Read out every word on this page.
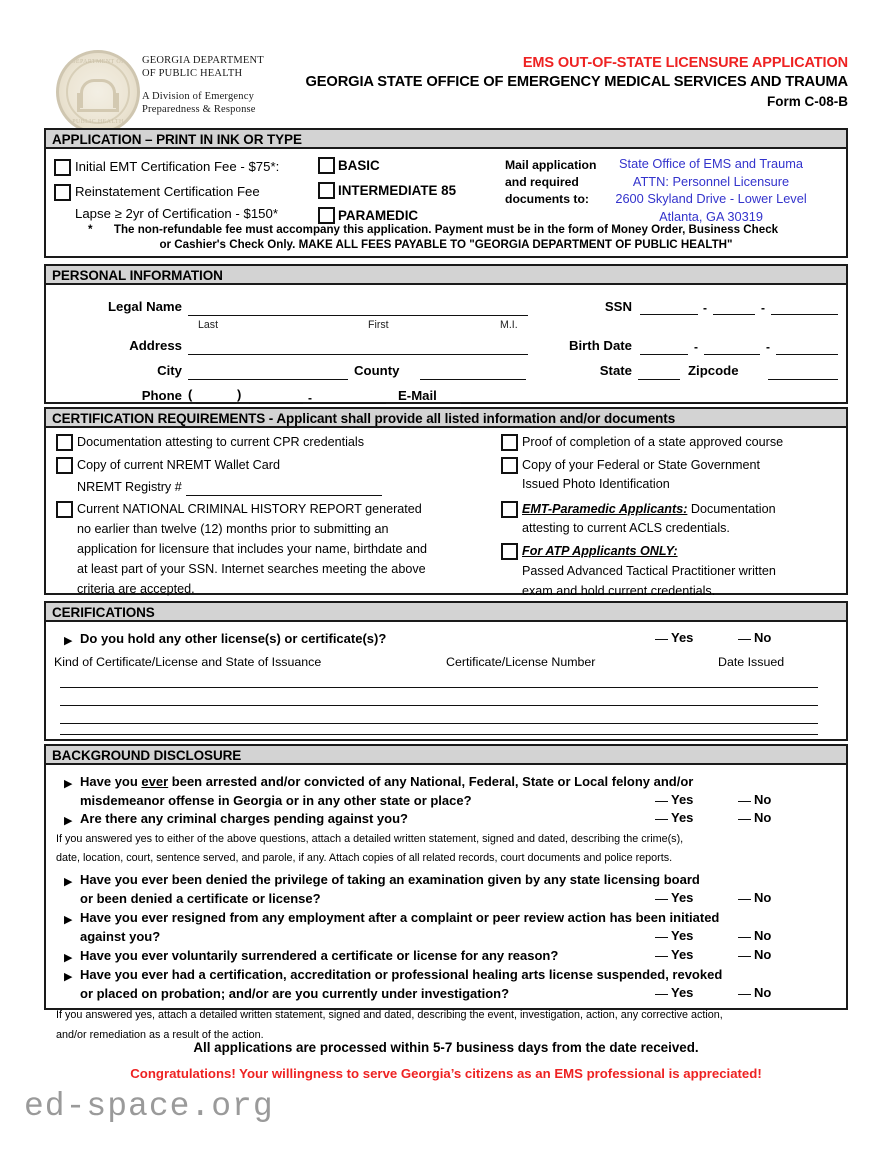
DEPARTMENT OF
PUBLIC HEALTH
GEORGIA DEPARTMENT
OF PUBLIC HEALTH
A Division of Emergency
Preparedness & Response
EMS OUT-OF-STATE LICENSURE APPLICATION
GEORGIA STATE OFFICE OF EMERGENCY MEDICAL SERVICES AND TRAUMA
Form C-08-B
APPLICATION – PRINT IN INK OR TYPE
Initial EMT Certification Fee - $75*:
Reinstatement Certification Fee
Lapse ≥ 2yr of Certification - $150*
BASIC
INTERMEDIATE 85
PARAMEDIC
Mail application
and required
documents to:
State Office of EMS and Trauma
ATTN: Personnel Licensure
2600 Skyland Drive - Lower Level
Atlanta, GA 30319
* The non-refundable fee must accompany this application. Payment must be in the form of Money Order, Business Check
or Cashier's Check Only. MAKE ALL FEES PAYABLE TO "GEORGIA DEPARTMENT OF PUBLIC HEALTH"
PERSONAL INFORMATION
Legal Name
Last	First	M.I.
Address
City	County
Phone (	)	-	E-Mail
SSN	-	-
Birth Date	-	-
State	Zipcode
CERTIFICATION REQUIREMENTS - Applicant shall provide all listed information and/or documents
Documentation attesting to current CPR credentials
Copy of current NREMT Wallet Card
NREMT Registry #
Current NATIONAL CRIMINAL HISTORY REPORT generated
no earlier than twelve (12) months prior to submitting an
application for licensure that includes your name, birthdate and
at least part of your SSN. Internet searches meeting the above
criteria are accepted.
Proof of completion of a state approved course
Copy of your Federal or State Government
Issued Photo Identification
EMT-Paramedic Applicants: Documentation
attesting to current ACLS credentials.
For ATP Applicants ONLY:
Passed Advanced Tactical Practitioner written
exam and hold current credentials.
CERIFICATIONS
▶ Do you hold any other license(s) or certificate(s)?	Yes	No
Kind of Certificate/License and State of Issuance	Certificate/License Number	Date Issued
BACKGROUND DISCLOSURE
▶ Have you ever been arrested and/or convicted of any National, Federal, State or Local felony and/or
misdemeanor offense in Georgia or in any other state or place?	Yes	No
▶ Are there any criminal charges pending against you?	Yes	No
If you answered yes to either of the above questions, attach a detailed written statement, signed and dated, describing the crime(s),
date, location, court, sentence served, and parole, if any. Attach copies of all related records, court documents and police reports.
▶ Have you ever been denied the privilege of taking an examination given by any state licensing board
or been denied a certificate or license?	Yes	No
▶ Have you ever resigned from any employment after a complaint or peer review action has been initiated
against you?	Yes	No
▶ Have you ever voluntarily surrendered a certificate or license for any reason?	Yes	No
▶ Have you ever had a certification, accreditation or professional healing arts license suspended, revoked
or placed on probation; and/or are you currently under investigation?	Yes	No
If you answered yes, attach a detailed written statement, signed and dated, describing the event, investigation, action, any corrective action,
and/or remediation as a result of the action.
All applications are processed within 5-7 business days from the date received.
Congratulations! Your willingness to serve Georgia’s citizens as an EMS professional is appreciated!
ed-space.org
